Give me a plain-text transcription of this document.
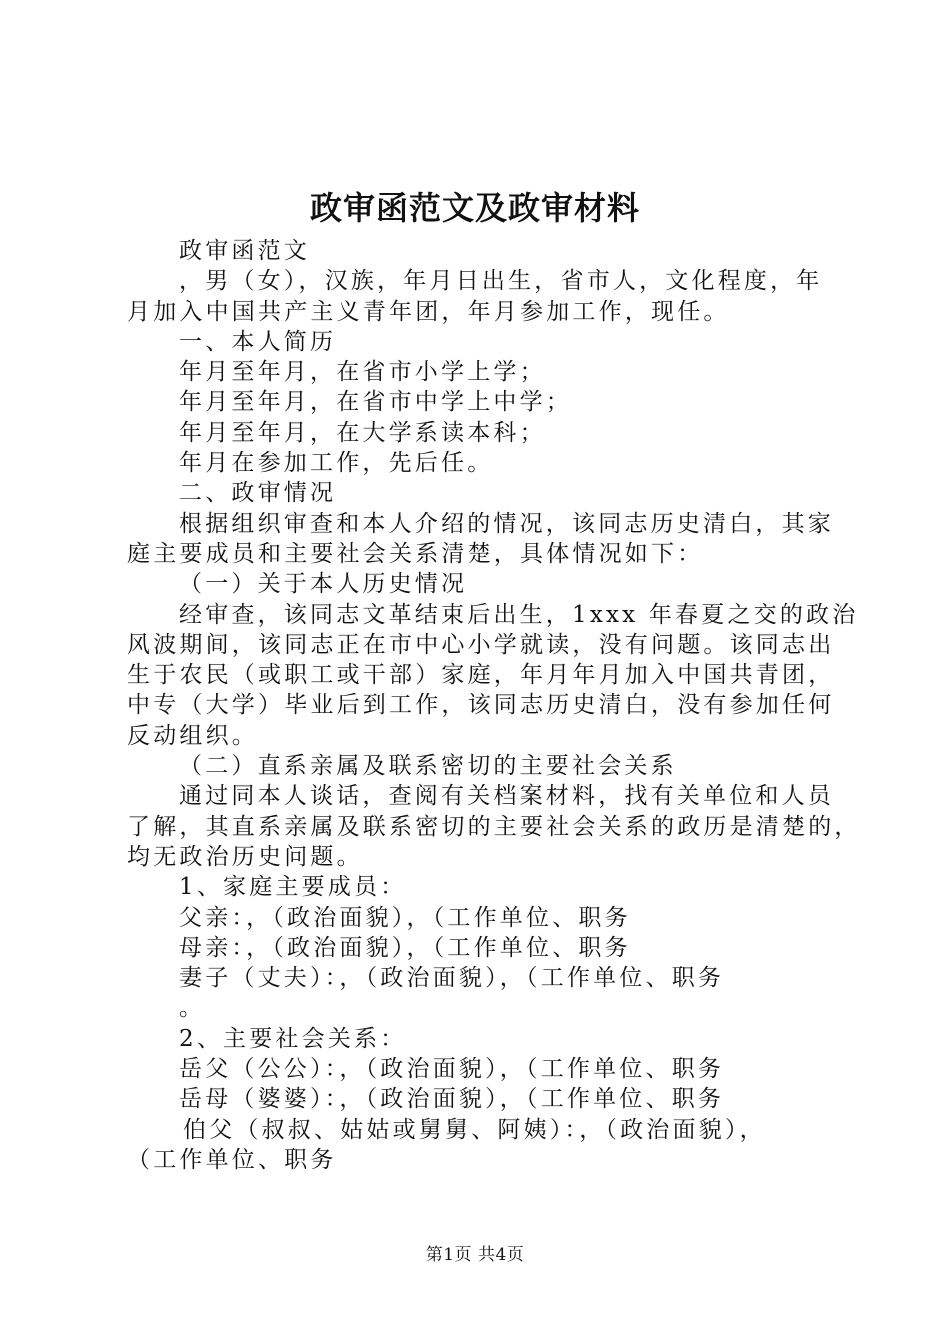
政审函范文及政审材料
政审函范文
，男（女），汉族，年月日出生，省市人，文化程度，年
月加入中国共产主义青年团，年月参加工作，现任。
一、本人简历
年月至年月，在省市小学上学；
年月至年月，在省市中学上中学；
年月至年月，在大学系读本科；
年月在参加工作，先后任。
二、政审情况
根据组织审查和本人介绍的情况，该同志历史清白，其家
庭主要成员和主要社会关系清楚，具体情况如下：
（一）关于本人历史情况
经审查，该同志文革结束后出生，1xxx 年春夏之交的政治
风波期间，该同志正在市中心小学就读，没有问题。该同志出
生于农民（或职工或干部）家庭，年月年月加入中国共青团，
中专（大学）毕业后到工作，该同志历史清白，没有参加任何
反动组织。
（二）直系亲属及联系密切的主要社会关系
通过同本人谈话，查阅有关档案材料，找有关单位和人员
了解，其直系亲属及联系密切的主要社会关系的政历是清楚的，
均无政治历史问题。
1、家庭主要成员：
父亲：，（政治面貌），（工作单位、职务
母亲：，（政治面貌），（工作单位、职务
妻子（丈夫）：，（政治面貌），（工作单位、职务
。
2、主要社会关系：
岳父（公公）：，（政治面貌），（工作单位、职务
岳母（婆婆）：，（政治面貌），（工作单位、职务
伯父（叔叔、姑姑或舅舅、阿姨）：，（政治面貌），
（工作单位、职务
第1页 共4页
